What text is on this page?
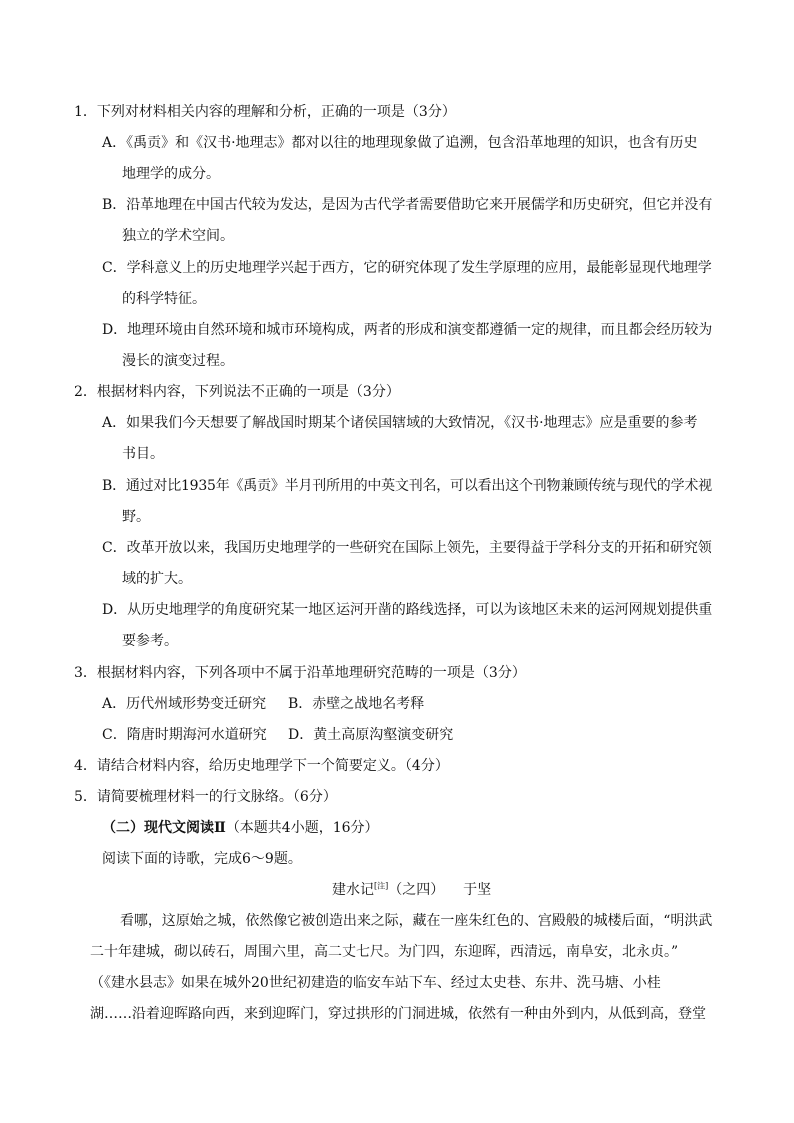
1．下列对材料相关内容的理解和分析，正确的一项是（3分）
A．《禹贡》和《汉书·地理志》都对以往的地理现象做了追溯，包含沿革地理的知识，也含有历史
地理学的成分。
B．沿革地理在中国古代较为发达，是因为古代学者需要借助它来开展儒学和历史研究，但它并没有
独立的学术空间。
C．学科意义上的历史地理学兴起于西方，它的研究体现了发生学原理的应用，最能彰显现代地理学
的科学特征。
D．地理环境由自然环境和城市环境构成，两者的形成和演变都遵循一定的规律，而且都会经历较为
漫长的演变过程。
2．根据材料内容，下列说法不正确的一项是（3分）
A．如果我们今天想要了解战国时期某个诸侯国辖域的大致情况，《汉书·地理志》应是重要的参考
书目。
B．通过对比1935年《禹贡》半月刊所用的中英文刊名，可以看出这个刊物兼顾传统与现代的学术视
野。
C．改革开放以来，我国历史地理学的一些研究在国际上领先，主要得益于学科分支的开拓和研究领
域的扩大。
D．从历史地理学的角度研究某一地区运河开凿的路线选择，可以为该地区未来的运河网规划提供重
要参考。
3．根据材料内容，下列各项中不属于沿革地理研究范畴的一项是（3分）
A．历代州域形势变迁研究 B．赤壁之战地名考释
C．隋唐时期海河水道研究 D．黄土高原沟壑演变研究
4．请结合材料内容，给历史地理学下一个简要定义。（4分）
5．请简要梳理材料一的行文脉络。（6分）
（二）现代文阅读Ⅱ（本题共4小题，16分）
阅读下面的诗歌，完成6～9题。
建水记[注]（之四） 于坚
看哪，这原始之城，依然像它被创造出来之际，藏在一座朱红色的、宫殿般的城楼后面，“明洪武
二十年建城，砌以砖石，周围六里，高二丈七尺。为门四，东迎晖，西清远，南阜安，北永贞。”
（《建水县志》如果在城外20世纪初建造的临安车站下车、经过太史巷、东井、洗马塘、小桂
湖……沿着迎晖路向西，来到迎晖门，穿过拱形的门洞进城，依然有一种由外到内，从低到高，登堂
